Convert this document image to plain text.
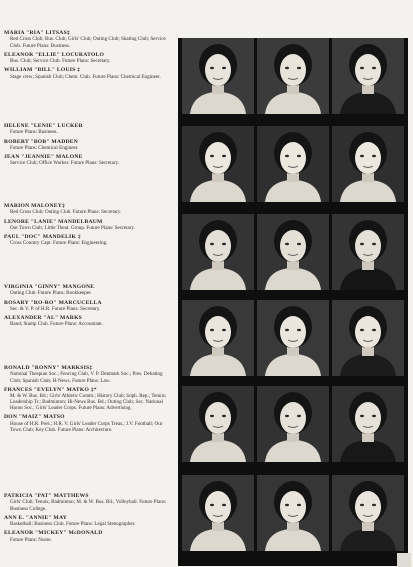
MARIA "RIA" LITSAS‡
Red Cross Club; Bus. Club; Girls' Club; Outing Club; Skating Club; Service Club. Future Plans: Business.
ELEANOR "ELLIE" LOCURATOLO
Bus. Club; Service Club. Future Plans: Secretary.
WILLIAM "BILL" LOUIS ‡
Stage crew; Spanish Club; Chem. Club. Future Plans: Chemical Engineer.
HELENE "LENIE" LUCKER
Future Plans: Business.
ROBERT "BOB" MADDEN
Future Plans: Chemical Engineer.
JEAN "JEANNIE" MALONE
Service Club; Office Worker. Future Plans: Secretary.
MARION MALONEY‡
Red Cross Club; Outing Club. Future Plans: Secretary.
LENORE "LANIE" MANDELBAUM
Our Town Club; Little Theat. Group. Future Plans: Secretary.
PAUL "DOC" MANDELIK ‡
Cross Country Capt. Future Plans: Engineering.
VIRGINIA "GINNY" MANGONE
Outing Club. Future Plans: Bookkeeper.
ROSARY "RO-RO" MARCUCELLA
Sec. & V. P. of H.R. Future Plans: Secretary.
ALEXANDER "AL" MARKS
Band; Stamp Club. Future Plans: Accountant.
RONALD "RONNY" MARKSIS‡
National Thespian Soc.; Fencing Club, V. P. Denmark Soc.; Pres. Debating Club; Spanish Club; H-News. Future Plans: Law.
FRANCES "EVELYN" MATKO ‡*
M. & W. Bus. Bd.; Girls' Athletic Comm.; History Club; Soph. Rep.; Tennis; Leadership Tr.; Badminton; Hi-News Bus. Bd.; Outing Club; Sec. National Honor Soc.; Girls' Leader Corps. Future Plans: Advertising.
DON "MAIZ" MATSO
House of H.R. Pres.; H.R. V. Girls' Leader Corps Treas.; J.V. Football; Our Town Club; Key Club. Future Plans: Architecture.
PATRICIA "PAT" MATTHEWS
Girls' Club; Tennis; Badminton; M. & W. Bus. Bd.; Volleyball. Future Plans: Business College.
ANN E. "ANNIE" MAY
Basketball; Business Club. Future Plans: Legal Stenographer.
ELEANOR "MICKEY" McDONALD
Future Plans: Nurse.
